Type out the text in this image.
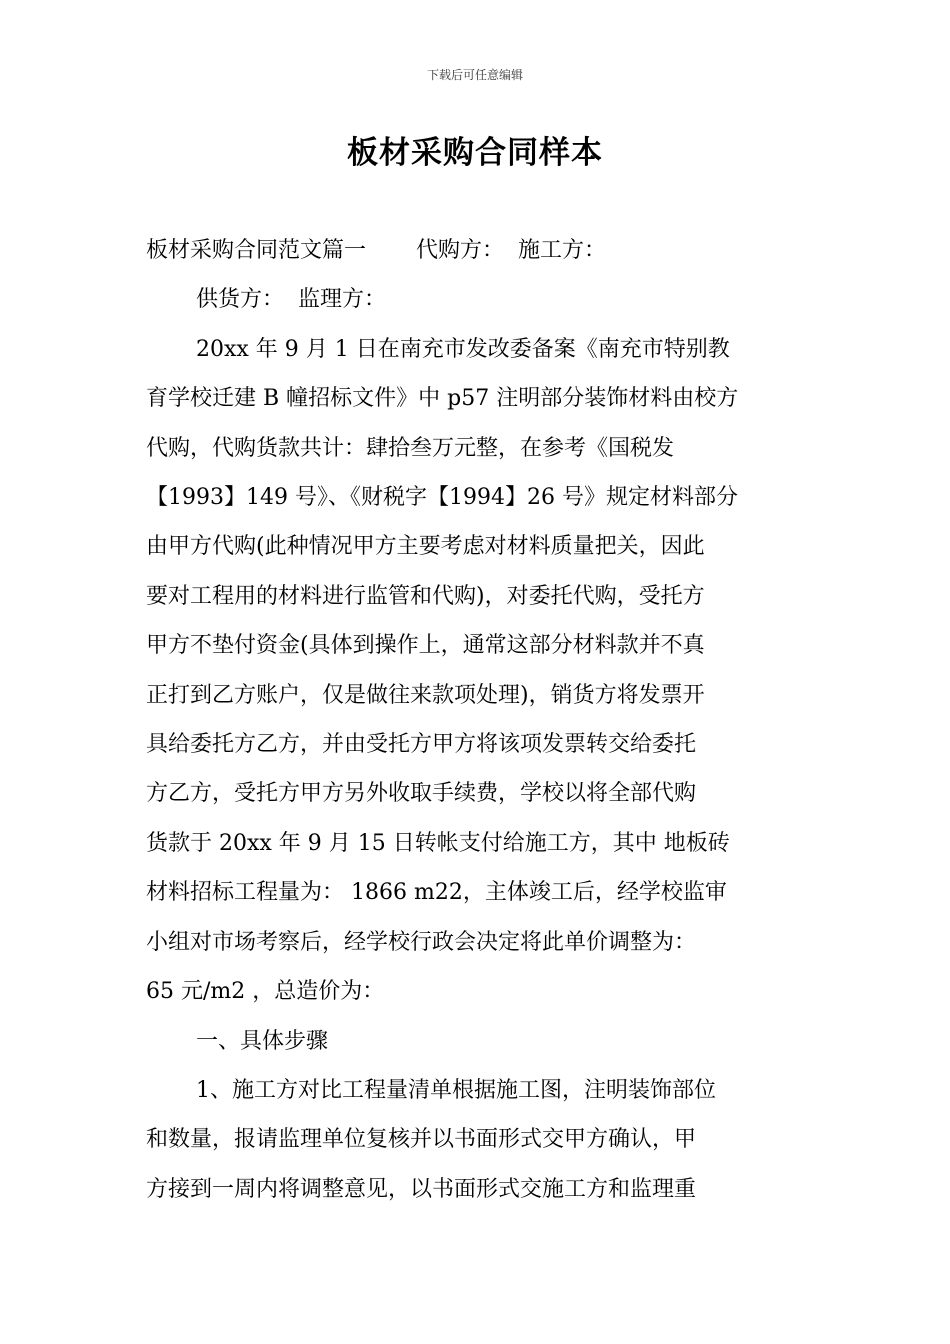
下载后可任意编辑
板材采购合同样本

板材采购合同范文篇一 代购方： 施工方：

供货方： 监理方：

20xx 年 9 月 1 日在南充市发改委备案《南充市特别教

育学校迁建 B 幢招标文件》中 p57 注明部分装饰材料由校方

代购，代购货款共计：肆拾叁万元整，在参考《国税发

【1993】149 号》、《财税字【1994】26 号》规定材料部分

由甲方代购(此种情况甲方主要考虑对材料质量把关，因此

要对工程用的材料进行监管和代购)，对委托代购，受托方

甲方不垫付资金(具体到操作上，通常这部分材料款并不真

正打到乙方账户，仅是做往来款项处理)，销货方将发票开

具给委托方乙方，并由受托方甲方将该项发票转交给委托

方乙方，受托方甲方另外收取手续费，学校以将全部代购

货款于 20xx 年 9 月 15 日转帐支付给施工方，其中 地板砖

材料招标工程量为： 1866 m22，主体竣工后，经学校监审

小组对市场考察后，经学校行政会决定将此单价调整为：

65 元/m2 ，总造价为：

一、具体步骤

1、施工方对比工程量清单根据施工图，注明装饰部位

和数量，报请监理单位复核并以书面形式交甲方确认，甲

方接到一周内将调整意见，以书面形式交施工方和监理重
